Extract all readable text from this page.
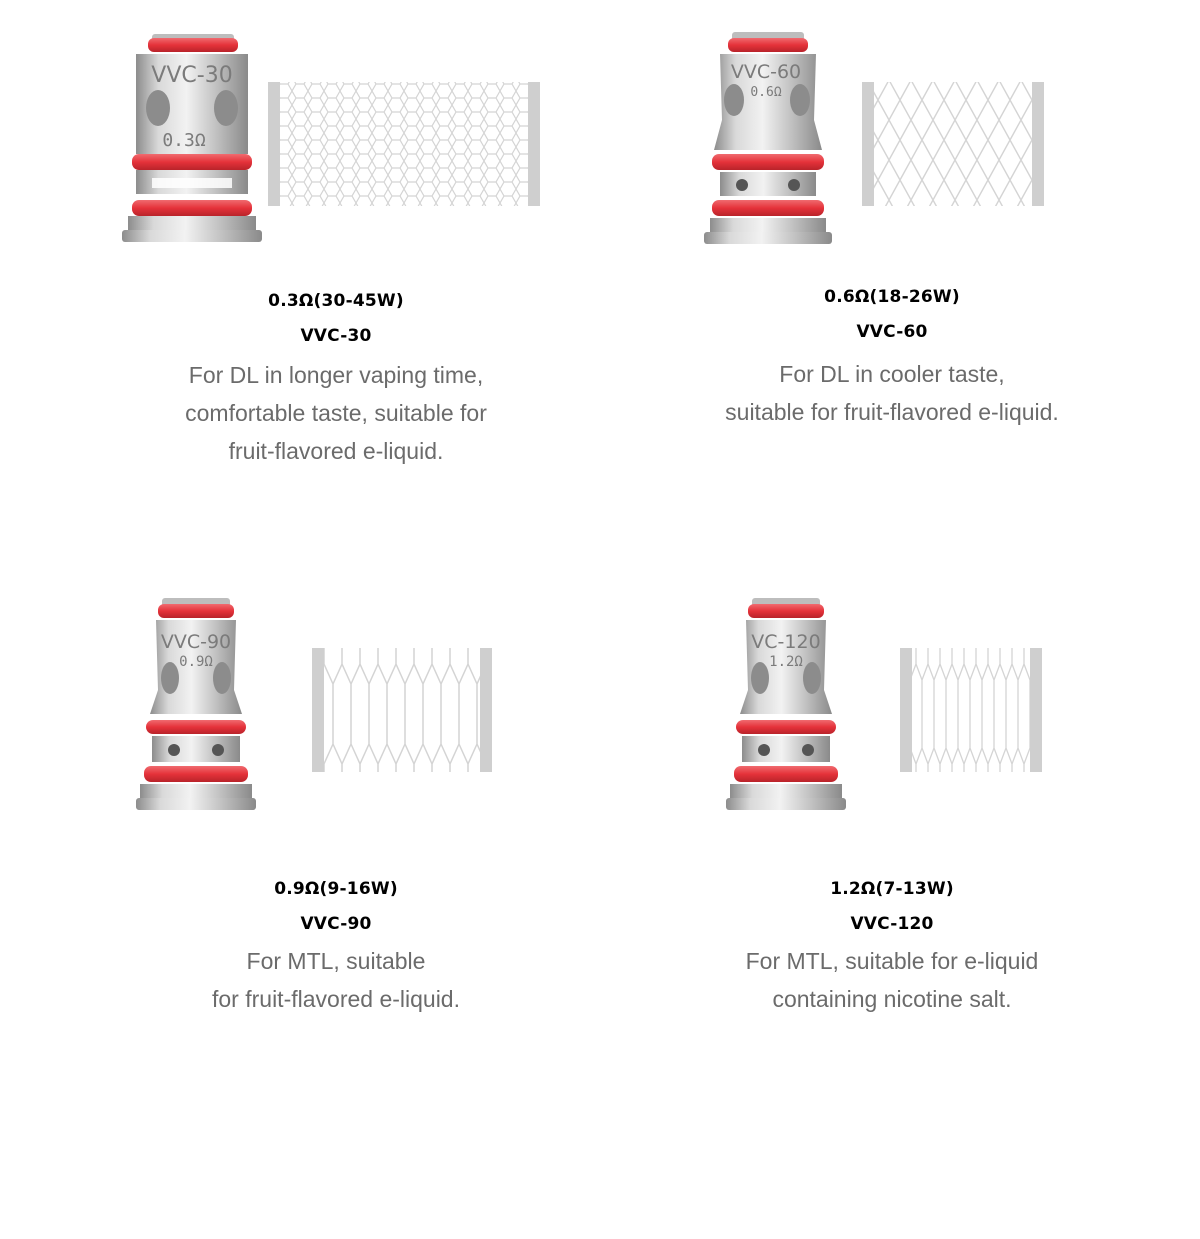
VVC-30
0.3Ω
0.3Ω(30-45W)
VVC-30
For DL in longer vaping time,
comfortable taste, suitable for
fruit-flavored e-liquid.
VVC-60
0.6Ω
0.6Ω(18-26W)
VVC-60
For DL in cooler taste,
suitable for fruit-flavored e-liquid.
VVC-90
0.9Ω
0.9Ω(9-16W)
VVC-90
For MTL, suitable
for fruit-flavored e-liquid.
VC-120
1.2Ω
1.2Ω(7-13W)
VVC-120
For MTL, suitable for e-liquid
containing nicotine salt.
